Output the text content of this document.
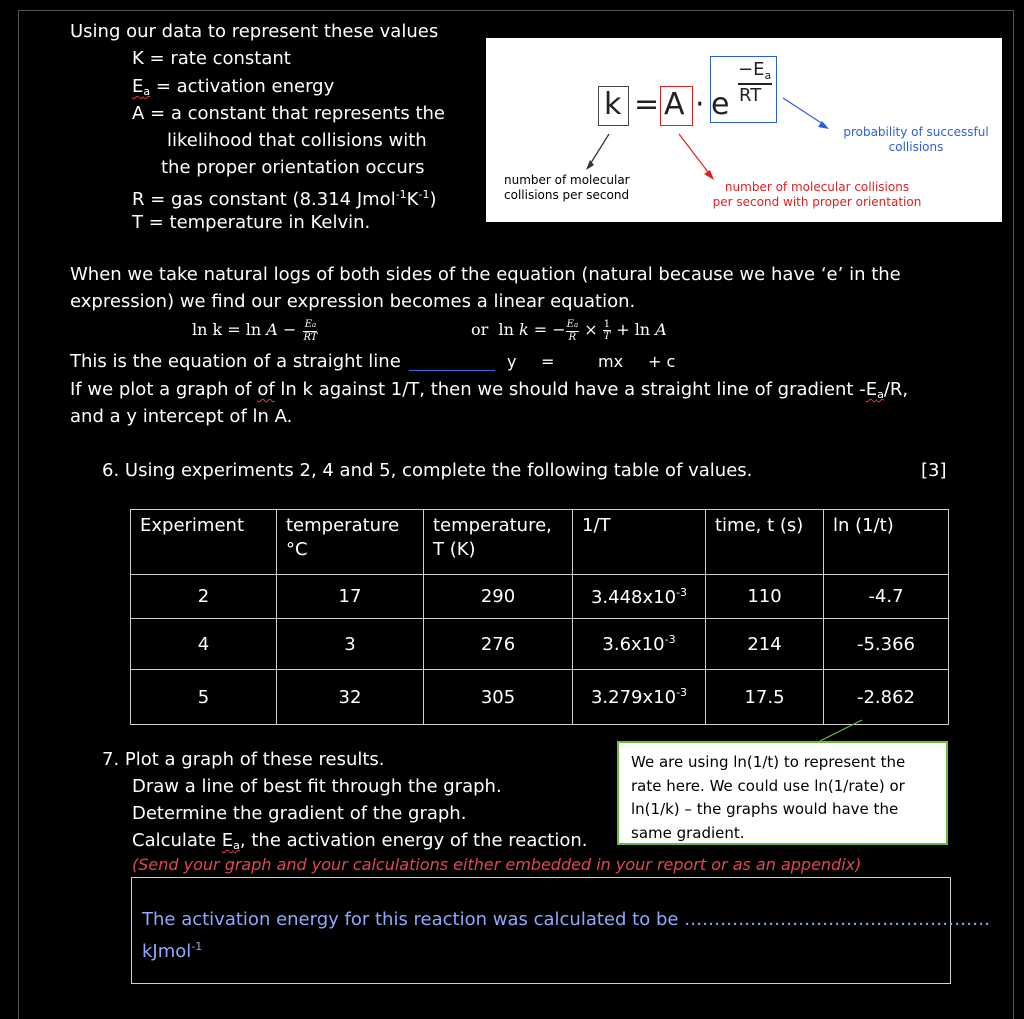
Using our data to represent these values
K = rate constant
$E_a$ = activation energy
A = a constant that represents the
likelihood that collisions with
the proper orientation occurs
R = gas constant (8.314 $Jmol^{-1}K^{-1}$)
T = temperature in Kelvin.
k = A · e
$-E_a$
RT
number of molecular
collisions per second
number of molecular collisions
per second with proper orientation
probability of successful
collisions
When we take natural logs of both sides of the equation (natural because we have ‘e’ in the
expression) we find our expression becomes a linear equation.
$\ln k = \ln A - \frac{Ea}{RT}$	or ln k = − $\frac{Ea}{R} \times \frac{1}{T} + \ln A$
This is the equation of a straight line	y =	mx + c
If we plot a graph of of ln k against 1/T, then we should have a straight line of gradient $-E_a/R$,
and a y intercept of ln A.
6. Using experiments 2, 4 and 5, complete the following table of values.	[3]
Experiment	temperature °C	temperature, T (K)	1/T	time, t (s)	ln (1/t)
2	17	290	$3.448x10^{-3}$	110	-4.7
4	3	276	$3.6x10^{-3}$	214	-5.366
5	32	305	$3.279x10^{-3}$	17.5	-2.862
7. Plot a graph of these results.
Draw a line of best fit through the graph.
Determine the gradient of the graph.
Calculate $E_a$, the activation energy of the reaction.
(Send your graph and your calculations either embedded in your report or as an appendix)
We are using ln(1/t) to represent the rate here. We could use ln(1/rate) or ln(1/k) – the graphs would have the same gradient.
The activation energy for this reaction was calculated to be ……………………………………………
kJmol$^{-1}$
